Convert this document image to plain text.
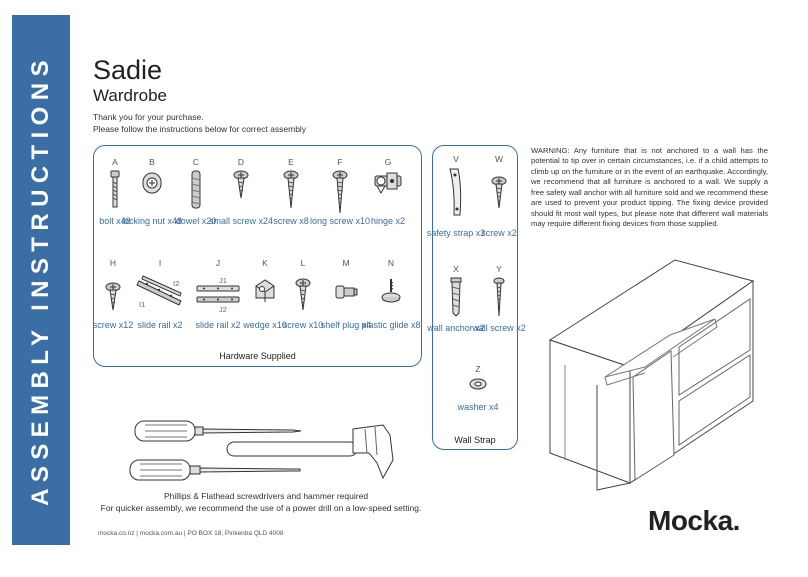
ASSEMBLY INSTRUCTIONS Sadie
Wardrobe
Thank you for your purchase.
Please follow the instructions below for correct assembly
A
bolt x48
B
locking nut x48
C
dowel x20
D
small screw x24
E
screw x8
F
long screw x10
G
hinge x2
H
screw x12
I
I2
I1
slide rail x2
J
J1
J2
slide rail x2
K
wedge x10
L
screw x10
M
shelf plug x4
N
plastic glide x8
Hardware Supplied
V
safety strap x2
W
screw x2
X
wall anchor x2
Y
wall screw x2
Z
washer x4
Wall Strap
WARNING: Any furniture that is not anchored to a wall has the potential to tip over in certain circumstances, i.e. if a child attempts to climb up on the furniture or in the event of an earthquake. Accordingly, we recommend that all furniture is anchored to a wall. We supply a free safety wall anchor with all furniture sold and we recommend these are used to prevent your product tipping. The fixing device provided should fit most wall types, but please note that different wall materials may require different fixing devices from those supplied.
Phillips & Flathead screwdrivers and hammer required
For quicker assembly, we recommend the use of a power drill on a low-speed setting.
mocka.co.nz | mocka.com.au | PO BOX 18, Pinkenba QLD 4008	Mocka.
